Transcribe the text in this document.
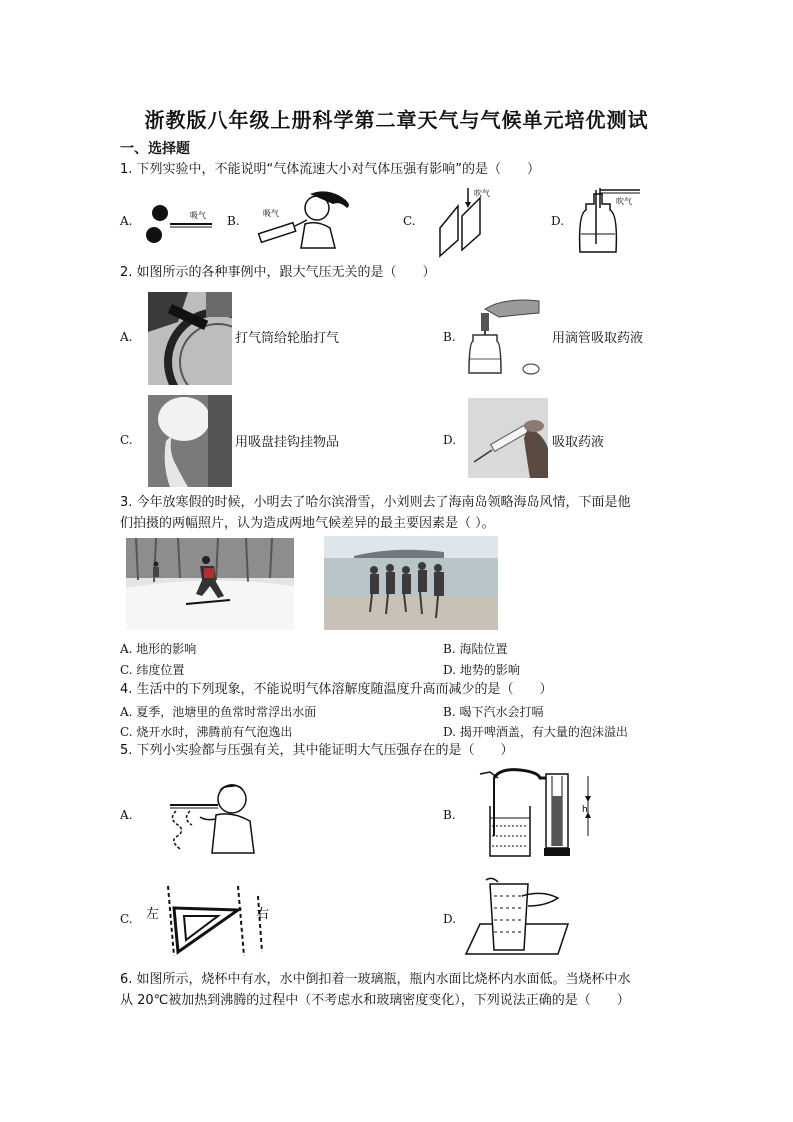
浙教版八年级上册科学第二章天气与气候单元培优测试
一、选择题
1. 下列实验中，不能说明“气体流速大小对气体压强有影响”的是（　　）
A.	吸气 B.
吸气
C.
吹气
D.
吹气
2. 如图所示的各种事例中，跟大气压无关的是（　　）
A.	打气筒给轮胎打气	B.	用滴管吸取药液
C.	用吸盘挂钩挂物品	D.	吸取药液
3. 今年放寒假的时候，小明去了哈尔滨滑雪，小刘则去了海南岛领略海岛风情，下面是他
们拍摄的两幅照片，认为造成两地气候差异的最主要因素是（ ）。
A. 地形的影响	B. 海陆位置
C. 纬度位置	D. 地势的影响
4. 生活中的下列现象，不能说明气体溶解度随温度升高而减少的是（　　）
A. 夏季，池塘里的鱼常时常浮出水面	B. 喝下汽水会打嗝
C. 烧开水时，沸腾前有气泡逸出	D. 揭开啤酒盖，有大量的泡沫溢出
5. 下列小实验都与压强有关，其中能证明大气压强存在的是（　　）
A.	B.	h
C. 左	右	D.
6. 如图所示，烧杯中有水，水中倒扣着一玻璃瓶，瓶内水面比烧杯内水面低。当烧杯中水
从 20℃被加热到沸腾的过程中（不考虑水和玻璃密度变化），下列说法正确的是（　　）
